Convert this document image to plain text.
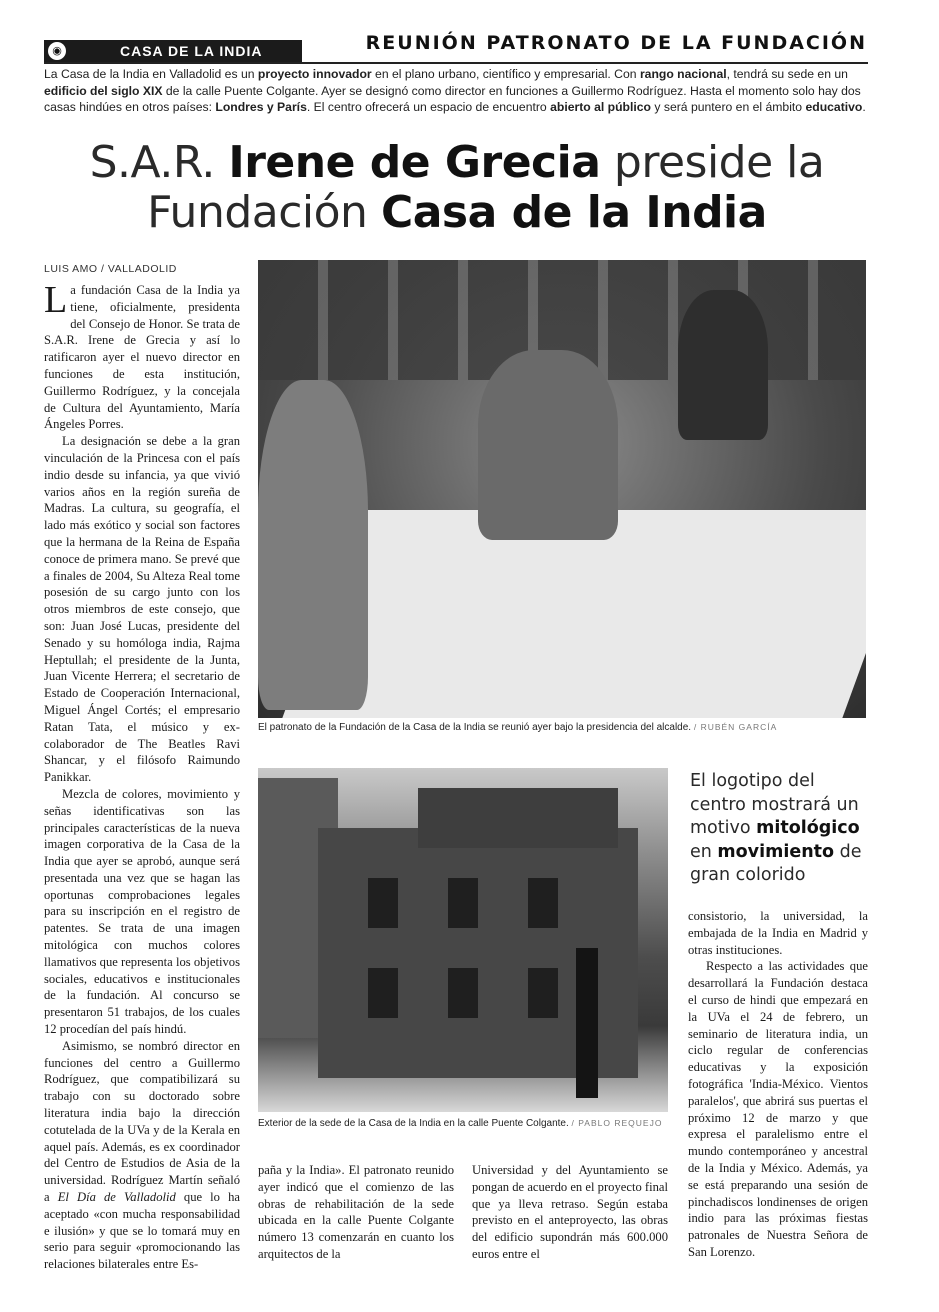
◉	CASA DE LA INDIA	REUNIÓN PATRONATO DE LA FUNDACIÓN
La Casa de la India en Valladolid es un proyecto innovador en el plano urbano, científico y empresarial. Con rango nacional, tendrá su sede en un edificio del siglo XIX de la calle Puente Colgante. Ayer se designó como director en funciones a Guillermo Rodríguez. Hasta el momento solo hay dos casas hindúes en otros países: Londres y París. El centro ofrecerá un espacio de encuentro abierto al público y será puntero en el ámbito educativo.
S.A.R. Irene de Grecia preside la
Fundación Casa de la India
LUIS AMO / VALLADOLID

La fundación Casa de la India ya tiene, oficialmente, presidenta del Consejo de Honor. Se trata de S.A.R. Irene de Grecia y así lo ratificaron ayer el nuevo director en funciones de esta institución, Guillermo Rodríguez, y la concejala de Cultura del Ayuntamiento, María Ángeles Porres.

La designación se debe a la gran vinculación de la Princesa con el país indio desde su infancia, ya que vivió varios años en la región sureña de Madras. La cultura, su geografía, el lado más exótico y social son factores que la hermana de la Reina de España conoce de primera mano. Se prevé que a finales de 2004, Su Alteza Real tome posesión de su cargo junto con los otros miembros de este consejo, que son: Juan José Lucas, presidente del Senado y su homóloga india, Rajma Heptullah; el presidente de la Junta, Juan Vicente Herrera; el secretario de Estado de Cooperación Internacional, Miguel Ángel Cortés; el empresario Ratan Tata, el músico y ex-colaborador de The Beatles Ravi Shancar, y el filósofo Raimundo Panikkar.

Mezcla de colores, movimiento y señas identificativas son las principales características de la nueva imagen corporativa de la Casa de la India que ayer se aprobó, aunque será presentada una vez que se hagan las oportunas comprobaciones legales para su inscripción en el registro de patentes. Se trata de una imagen mitológica con muchos colores llamativos que representa los objetivos sociales, educativos e institucionales de la fundación. Al concurso se presentaron 51 trabajos, de los cuales 12 procedían del país hindú.

Asimismo, se nombró director en funciones del centro a Guillermo Rodríguez, que compatibilizará su trabajo con su doctorado sobre literatura india bajo la dirección cotutelada de la UVa y de la Kerala en aquel país. Además, es ex coordinador del Centro de Estudios de Asia de la universidad. Rodríguez Martín señaló a El Día de Valladolid que lo ha aceptado «con mucha responsabilidad e ilusión» y que se lo tomará muy en serio para seguir «promocionando las relaciones bilaterales entre Es-

El patronato de la Fundación de la Casa de la India se reunió ayer bajo la presidencia del alcalde. / RUBÉN GARCÍA
Exterior de la sede de la Casa de la India en la calle Puente Colgante. / PABLO REQUEJO
El logotipo del centro mostrará un motivo mitológico en movimiento de gran colorido

consistorio, la universidad, la embajada de la India en Madrid y otras instituciones.

Respecto a las actividades que desarrollará la Fundación destaca el curso de hindi que empezará en la UVa el 24 de febrero, un seminario de literatura india, un ciclo regular de conferencias educativas y la exposición fotográfica 'India-México. Vientos paralelos', que abrirá sus puertas el próximo 12 de marzo y que expresa el paralelismo entre el mundo contemporáneo y ancestral de la India y México. Además, ya se está preparando una sesión de pinchadiscos londinenses de origen indio para las próximas fiestas patronales de Nuestra Señora de San Lorenzo.

paña y la India». El patronato reunido ayer indicó que el comienzo de las obras de rehabilitación de la sede ubicada en la calle Puente Colgante número 13 comenzarán en cuanto los arquitectos de la

Universidad y del Ayuntamiento se pongan de acuerdo en el proyecto final que ya lleva retraso. Según estaba previsto en el anteproyecto, las obras del edificio supondrán más 600.000 euros entre el
